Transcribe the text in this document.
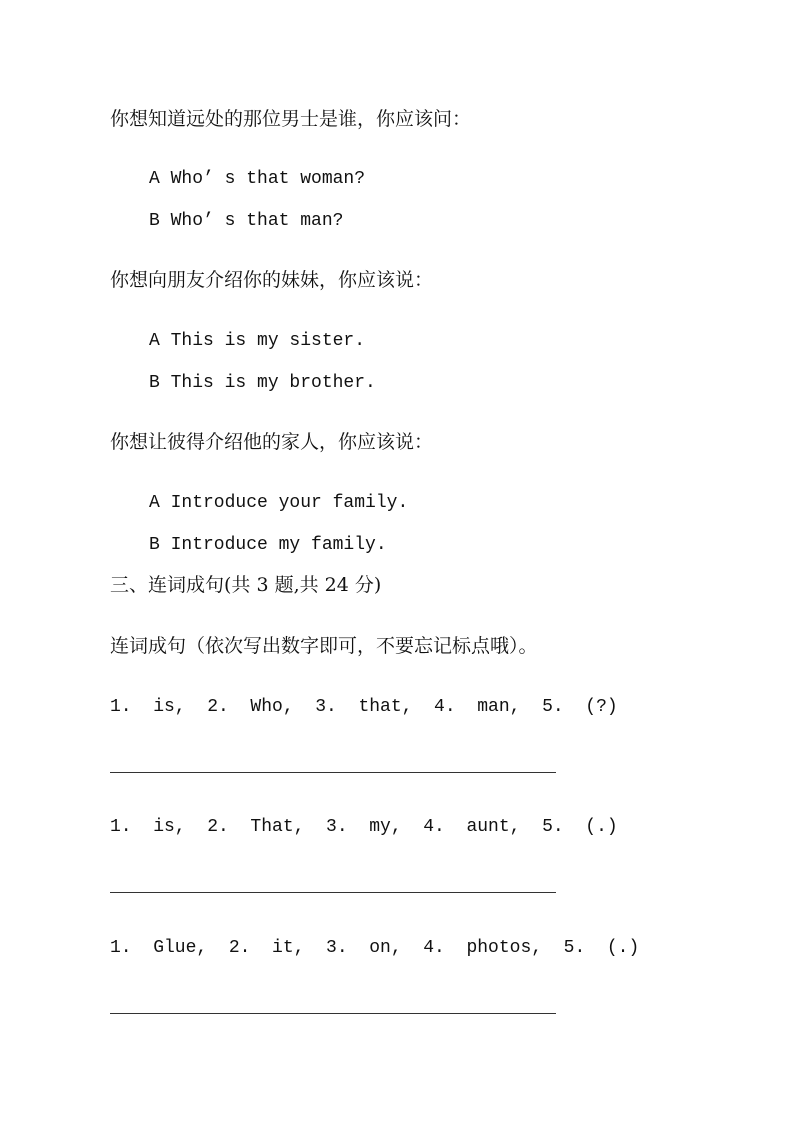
你想知道远处的那位男士是谁，你应该问：
A Who’ s that woman?
B Who’ s that man?
你想向朋友介绍你的妹妹，你应该说：
A This is my sister.
B This is my brother.
你想让彼得介绍他的家人，你应该说：
A Introduce your family.
B Introduce my family.
三、连词成句(共 3 题,共 24 分)
连词成句（依次写出数字即可，不要忘记标点哦）。
1.  is,  2.  Who,  3.  that,  4.  man,  5.  (?)
1.  is,  2.  That,  3.  my,  4.  aunt,  5.  (.)
1.  Glue,  2.  it,  3.  on,  4.  photos,  5.  (.)
